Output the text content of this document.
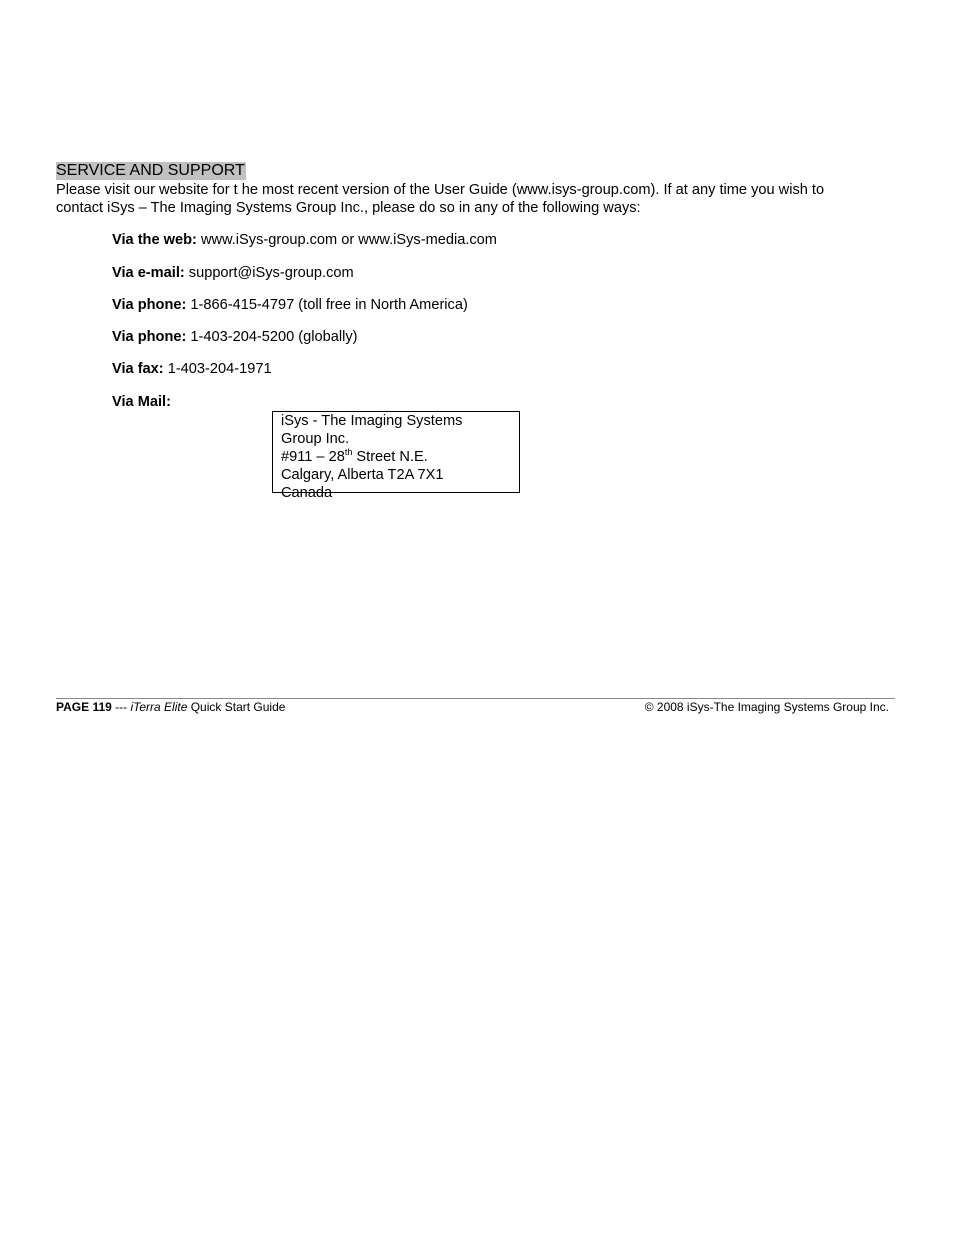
SERVICE AND SUPPORT
Please visit our website for t he most recent version of the User Guide (www.isys-group.com). If at any time you wish to
contact iSys – The Imaging Systems Group Inc., please do so in any of the following ways:
Via the web: www.iSys-group.com or www.iSys-media.com
Via e-mail: support@iSys-group.com
Via phone: 1-866-415-4797 (toll free in North America)
Via phone: 1-403-204-5200 (globally)
Via fax: 1-403-204-1971
Via Mail:
iSys - The Imaging Systems
Group Inc.
#911 – 28th Street N.E.
Calgary, Alberta T2A 7X1
Canada
PAGE 119 --- iTerra Elite Quick Start Guide	© 2008 iSys-The Imaging Systems Group Inc.
